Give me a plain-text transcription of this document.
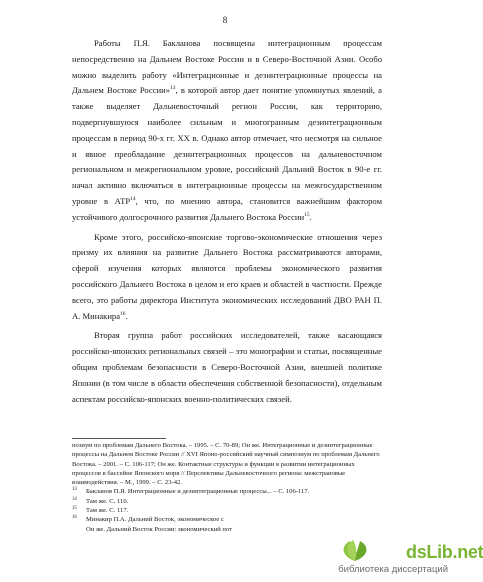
8

Работы П.Я. Бакланова посвящены интеграционным процессам непосредственно на Дальнем Востоке России и в Северо-Восточной Азии. Особо можно выделить работу «Интеграционные и дезинтеграционные процессы на Дальнем Востоке России»$^{13}$, в которой автор дает понятие упомянутых явлений, а также выделяет Дальневосточный регион России, как территорию, подвергнувшуюся наиболее сильным и многогранным дезинтеграционным процессам в период 90-х гг. XX в. Однако автор отмечает, что несмотря на сильное и явное преобладание дезинтеграционных процессов на дальневосточном региональном и межрегиональном уровне, российский Дальний Восток в 90-е гг. начал активно включаться в интеграционные процессы на межгосударственном уровне в АТР$^{14}$, что, по мнению автора, становится важнейшим фактором устойчивого долгосрочного развития Дальнего Востока России$^{15}$.

Кроме этого, российско-японские торгово-экономические отношения через призму их влияния на развитие Дальнего Востока рассматриваются авторами, сферой изучения которых являются проблемы экономического развития российского Дальнего Востока в целом и его краев и областей в частности. Прежде всего, это работы директора Института экономических исследований ДВО РАН П. А. Минакира$^{16}$.

Вторая группа работ российских исследователей, также касающаяся российско-японских региональных связей – это монографии и статьи, посвященные общим проблемам безопасности в Северо-Восточной Азии, внешней политике Японии (в том числе в области обеспечения собственной безопасности), отдельным аспектам российско-японских военно-политических связей.

позиум по проблемам Дальнего Востока. – 1995. – С. 70-89; Он же. Интеграционные и дезинтеграционные процессы на Дальнем Востоке России // XVI Японо-российский научный симпозиум по проблемам Дальнего Востока. – 2001. – С. 106-117; Он же. Контактные структуры и функции в развитии интеграционных процессов в бассейне Японского моря // Перспективы Дальневосточного региона: межстрановые взаимодействия. – М., 1999. – С. 23-42.

$^{13}$ Бакланов П.Я. Интеграционные и дезинтеграционные процессы... – С. 106-117.

$^{14}$ Там же. С. 110.

$^{15}$ Там же. С. 117.

$^{16}$ Минакир П.А. Дальний Восток, экономическое с

Он же. Дальний Восток России: экономический пот

dsLib.net
библиотека диссертаций
